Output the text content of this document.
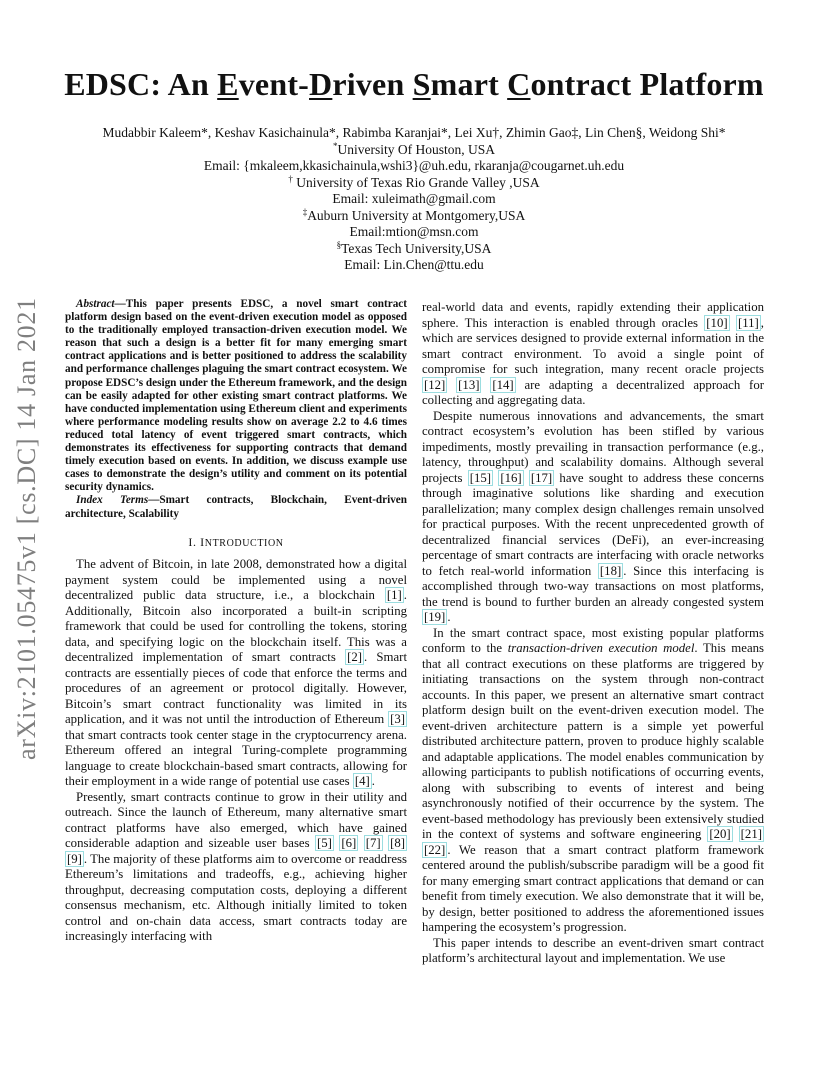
arXiv:2101.05475v1 [cs.DC] 14 Jan 2021
EDSC: An Event-Driven Smart Contract Platform
Mudabbir Kaleem*, Keshav Kasichainula*, Rabimba Karanjai*, Lei Xu†, Zhimin Gao‡, Lin Chen§, Weidong Shi*
*University Of Houston, USA
Email: {mkaleem,kkasichainula,wshi3}@uh.edu, rkaranja@cougarnet.uh.edu
† University of Texas Rio Grande Valley ,USA
Email: xuleimath@gmail.com
‡Auburn University at Montgomery,USA
Email:mtion@msn.com
§Texas Tech University,USA
Email: Lin.Chen@ttu.edu

Abstract—This paper presents EDSC, a novel smart contract platform design based on the event-driven execution model as opposed to the traditionally employed transaction-driven execution model. We reason that such a design is a better fit for many emerging smart contract applications and is better positioned to address the scalability and performance challenges plaguing the smart contract ecosystem. We propose EDSC’s design under the Ethereum framework, and the design can be easily adapted for other existing smart contract platforms. We have conducted implementation using Ethereum client and experiments where performance modeling results show on average 2.2 to 4.6 times reduced total latency of event triggered smart contracts, which demonstrates its effectiveness for supporting contracts that demand timely execution based on events. In addition, we discuss example use cases to demonstrate the design’s utility and comment on its potential security dynamics.

Index Terms—Smart contracts, Blockchain, Event-driven architecture, Scalability

I. INTRODUCTION

The advent of Bitcoin, in late 2008, demonstrated how a digital payment system could be implemented using a novel decentralized public data structure, i.e., a blockchain [1] . Additionally, Bitcoin also incorporated a built-in scripting framework that could be used for controlling the tokens, storing data, and specifying logic on the blockchain itself. This was a decentralized implementation of smart contracts [2] . Smart contracts are essentially pieces of code that enforce the terms and procedures of an agreement or protocol digitally. However, Bitcoin’s smart contract functionality was limited in its application, and it was not until the introduction of Ethereum [3] that smart contracts took center stage in the cryptocurrency arena. Ethereum offered an integral Turing-complete programming language to create blockchain-based smart contracts, allowing for their employment in a wide range of potential use cases [4] .

Presently, smart contracts continue to grow in their utility and outreach. Since the launch of Ethereum, many alternative smart contract platforms have also emerged, which have gained considerable adaption and sizeable user bases [5] [6] [7] [8] [9] . The majority of these platforms aim to overcome or readdress Ethereum’s limitations and tradeoffs, e.g., achieving higher throughput, decreasing computation costs, deploying a different consensus mechanism, etc. Although initially limited to token control and on-chain data access, smart contracts today are increasingly interfacing with

real-world data and events, rapidly extending their application sphere. This interaction is enabled through oracles [10] [11] , which are services designed to provide external information in the smart contract environment. To avoid a single point of compromise for such integration, many recent oracle projects [12] [13] [14] are adapting a decentralized approach for collecting and aggregating data.

Despite numerous innovations and advancements, the smart contract ecosystem’s evolution has been stifled by various impediments, mostly prevailing in transaction performance (e.g., latency, throughput) and scalability domains. Although several projects [15] [16] [17] have sought to address these concerns through imaginative solutions like sharding and execution parallelization; many complex design challenges remain unsolved for practical purposes. With the recent unprecedented growth of decentralized financial services (DeFi), an ever-increasing percentage of smart contracts are interfacing with oracle networks to fetch real-world information [18] . Since this interfacing is accomplished through two-way transactions on most platforms, the trend is bound to further burden an already congested system [19] .

In the smart contract space, most existing popular platforms conform to the transaction-driven execution model. This means that all contract executions on these platforms are triggered by initiating transactions on the system through non-contract accounts. In this paper, we present an alternative smart contract platform design built on the event-driven execution model. The event-driven architecture pattern is a simple yet powerful distributed architecture pattern, proven to produce highly scalable and adaptable applications. The model enables communication by allowing participants to publish notifications of occurring events, along with subscribing to events of interest and being asynchronously notified of their occurrence by the system. The event-based methodology has previously been extensively studied in the context of systems and software engineering [20] [21] [22] . We reason that a smart contract platform framework centered around the publish/subscribe paradigm will be a good fit for many emerging smart contract applications that demand or can benefit from timely execution. We also demonstrate that it will be, by design, better positioned to address the aforementioned issues hampering the ecosystem’s progression.

This paper intends to describe an event-driven smart contract platform’s architectural layout and implementation. We use
